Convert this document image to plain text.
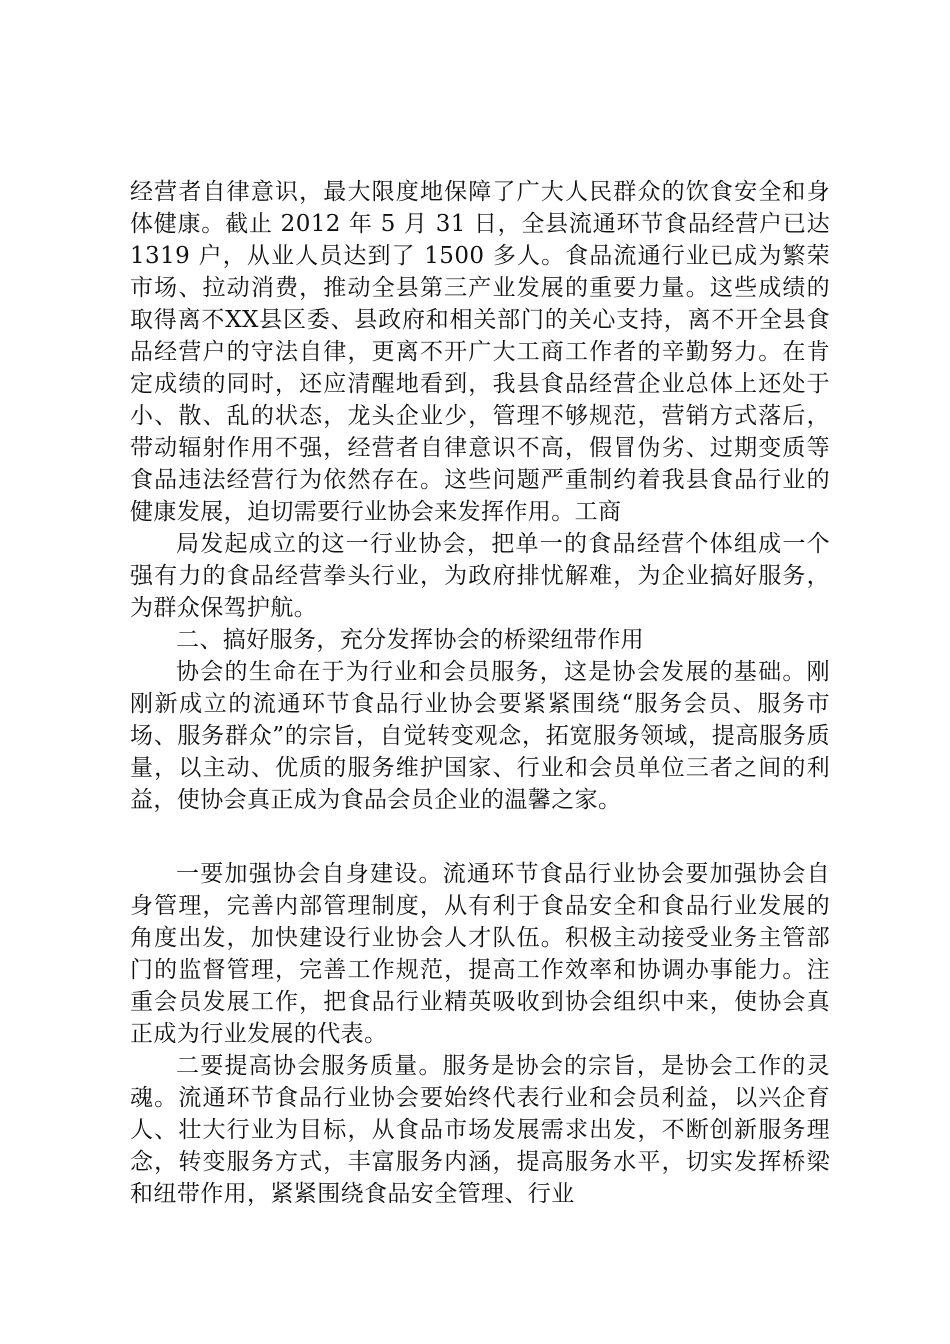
经营者自律意识，最大限度地保障了广大人民群众的饮食安全和身体健康。截止 2012 年 5 月 31 日，全县流通环节食品经营户已达 1319 户，从业人员达到了 1500 多人。食品流通行业已成为繁荣市场、拉动消费，推动全县第三产业发展的重要力量。这些成绩的取得离不XX县区委、县政府和相关部门的关心支持，离不开全县食品经营户的守法自律，更离不开广大工商工作者的辛勤努力。在肯定成绩的同时，还应清醒地看到，我县食品经营企业总体上还处于小、散、乱的状态，龙头企业少，管理不够规范，营销方式落后，带动辐射作用不强，经营者自律意识不高，假冒伪劣、过期变质等食品违法经营行为依然存在。这些问题严重制约着我县食品行业的健康发展，迫切需要行业协会来发挥作用。工商

局发起成立的这一行业协会，把单一的食品经营个体组成一个强有力的食品经营拳头行业，为政府排忧解难，为企业搞好服务，为群众保驾护航。

二、搞好服务，充分发挥协会的桥梁纽带作用

协会的生命在于为行业和会员服务，这是协会发展的基础。刚刚新成立的流通环节食品行业协会要紧紧围绕“服务会员、服务市场、服务群众”的宗旨，自觉转变观念，拓宽服务领域，提高服务质量，以主动、优质的服务维护国家、行业和会员单位三者之间的利益，使协会真正成为食品会员企业的温馨之家。

一要加强协会自身建设。流通环节食品行业协会要加强协会自身管理，完善内部管理制度，从有利于食品安全和食品行业发展的角度出发，加快建设行业协会人才队伍。积极主动接受业务主管部门的监督管理，完善工作规范，提高工作效率和协调办事能力。注重会员发展工作，把食品行业精英吸收到协会组织中来，使协会真正成为行业发展的代表。

二要提高协会服务质量。服务是协会的宗旨，是协会工作的灵魂。流通环节食品行业协会要始终代表行业和会员利益，以兴企育人、壮大行业为目标，从食品市场发展需求出发，不断创新服务理念，转变服务方式，丰富服务内涵，提高服务水平，切实发挥桥梁和纽带作用，紧紧围绕食品安全管理、行业
